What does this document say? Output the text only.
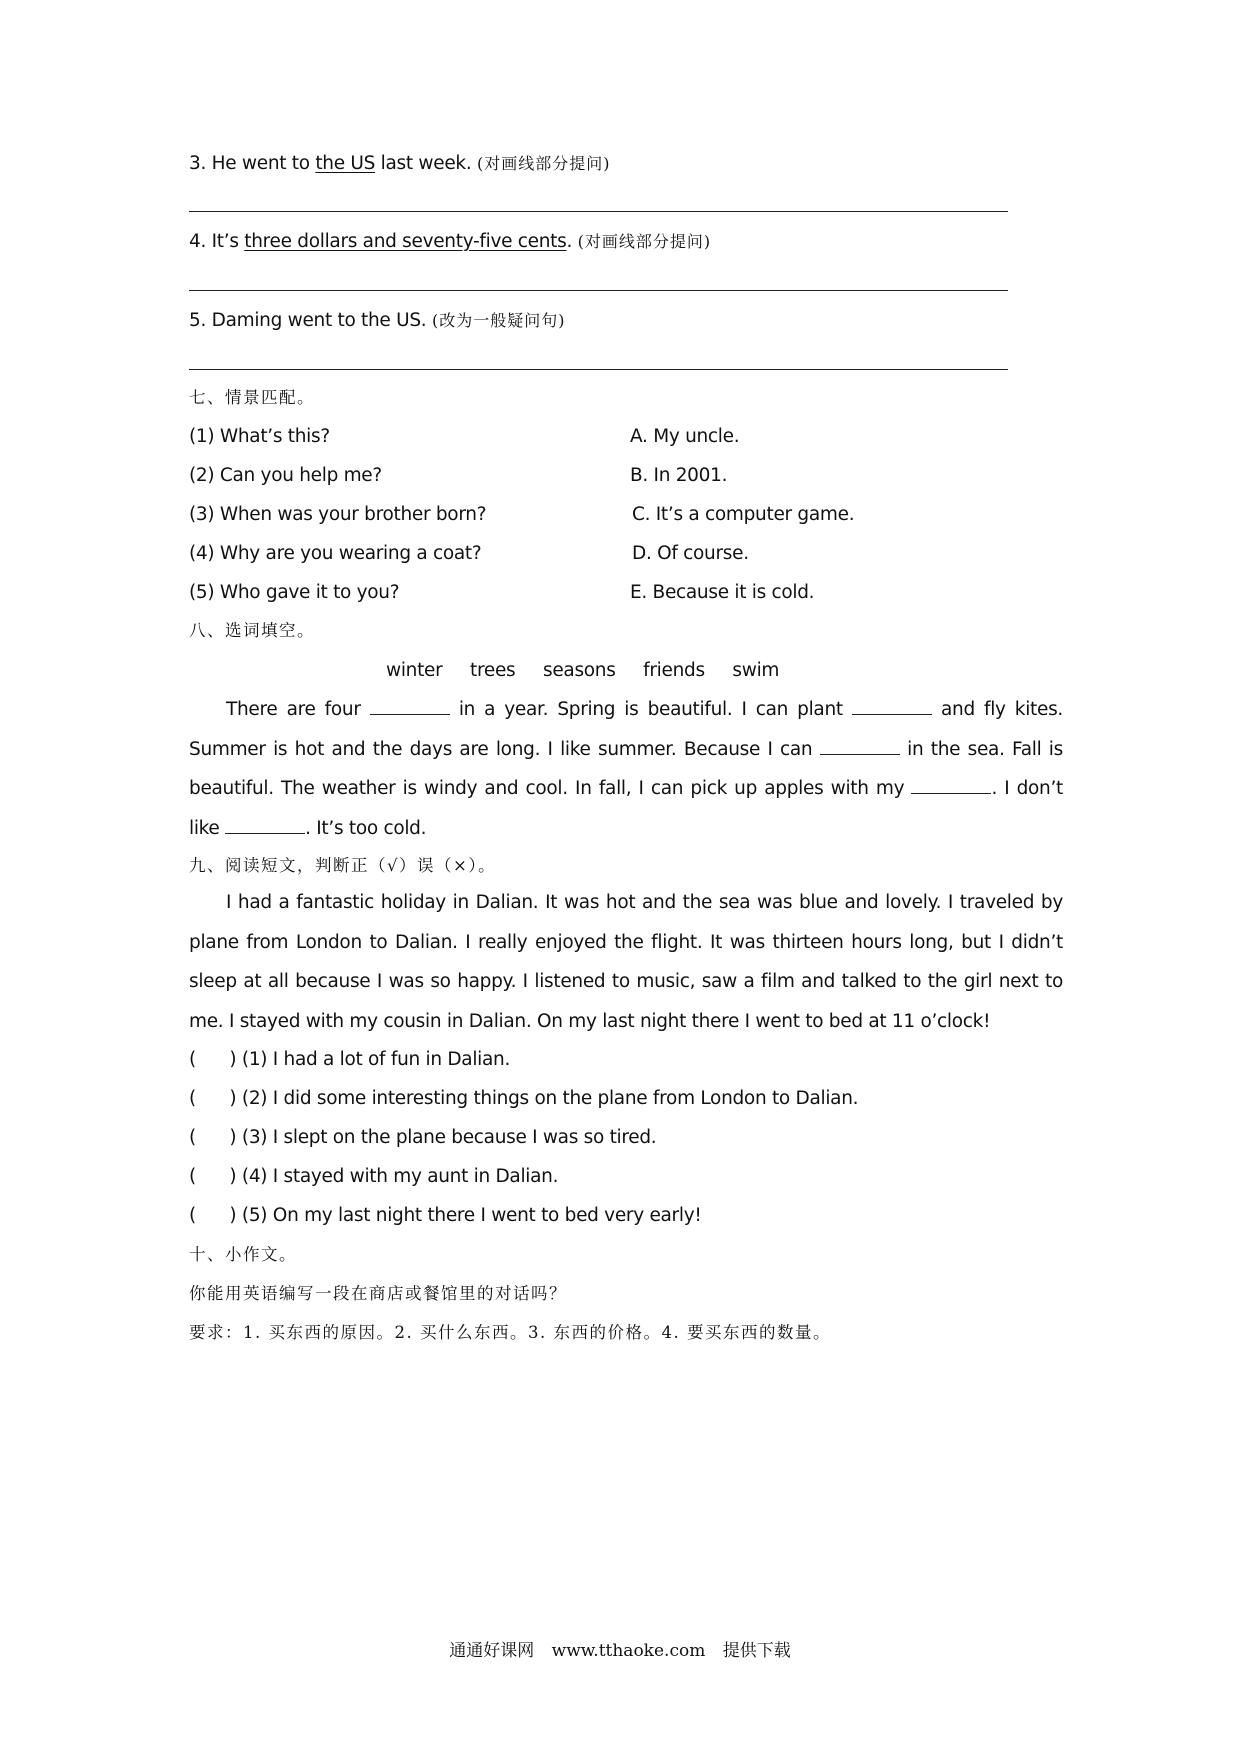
3. He went to the US last week. (对画线部分提问)
4. It’s three dollars and seventy-five cents. (对画线部分提问)
5. Daming went to the US. (改为一般疑问句)
七、情景匹配。
(1) What’s this?	A. My uncle.
(2) Can you help me?	B. In 2001.
(3) When was your brother born?	C. It’s a computer game.
(4) Why are you wearing a coat?	D. Of course.
(5) Who gave it to you?	E. Because it is cold.
八、选词填空。
winter trees seasons friends swim

There are four	in a year. Spring is beautiful. I can plant	and fly kites. Summer is hot and the days are long. I like summer. Because I can	in the sea. Fall is beautiful. The weather is windy and cool. In fall, I can pick up apples with my	. I don’t like	. It’s too cold.

九、阅读短文，判断正（√）误（×）。

I had a fantastic holiday in Dalian. It was hot and the sea was blue and lovely. I traveled by plane from London to Dalian. I really enjoyed the flight. It was thirteen hours long, but I didn’t sleep at all because I was so happy. I listened to music, saw a film and talked to the girl next to me. I stayed with my cousin in Dalian. On my last night there I went to bed at 11 o’clock!

(      ) (1) I had a lot of fun in Dalian.
(      ) (2) I did some interesting things on the plane from London to Dalian.
(      ) (3) I slept on the plane because I was so tired.
(      ) (4) I stayed with my aunt in Dalian.
(      ) (5) On my last night there I went to bed very early!
十、小作文。
你能用英语编写一段在商店或餐馆里的对话吗？
要求：1. 买东西的原因。2. 买什么东西。3. 东西的价格。4. 要买东西的数量。
通通好课网 www.tthaoke.com 提供下载
